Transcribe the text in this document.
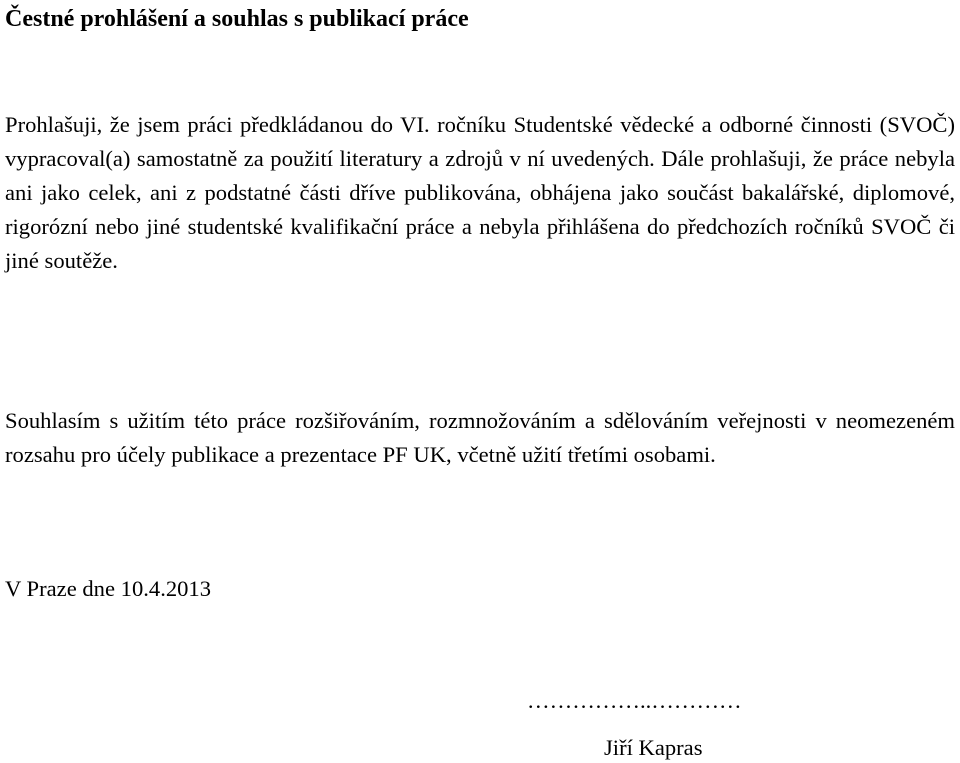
Čestné prohlášení a souhlas s publikací práce

Prohlašuji, že jsem práci předkládanou do VI. ročníku Studentské vědecké a odborné činnosti (SVOČ) vypracoval(a) samostatně za použití literatury a zdrojů v ní uvedených. Dále prohlašuji, že práce nebyla ani jako celek, ani z podstatné části dříve publikována, obhájena jako součást bakalářské, diplomové, rigorózní nebo jiné studentské kvalifikační práce a nebyla přihlášena do předchozích ročníků SVOČ či jiné soutěže.

Souhlasím s užitím této práce rozšiřováním, rozmnožováním a sdělováním veřejnosti v neomezeném rozsahu pro účely publikace a prezentace PF UK, včetně užití třetími osobami.

V Praze dne 10.4.2013

……………..…………

Jiří Kapras
